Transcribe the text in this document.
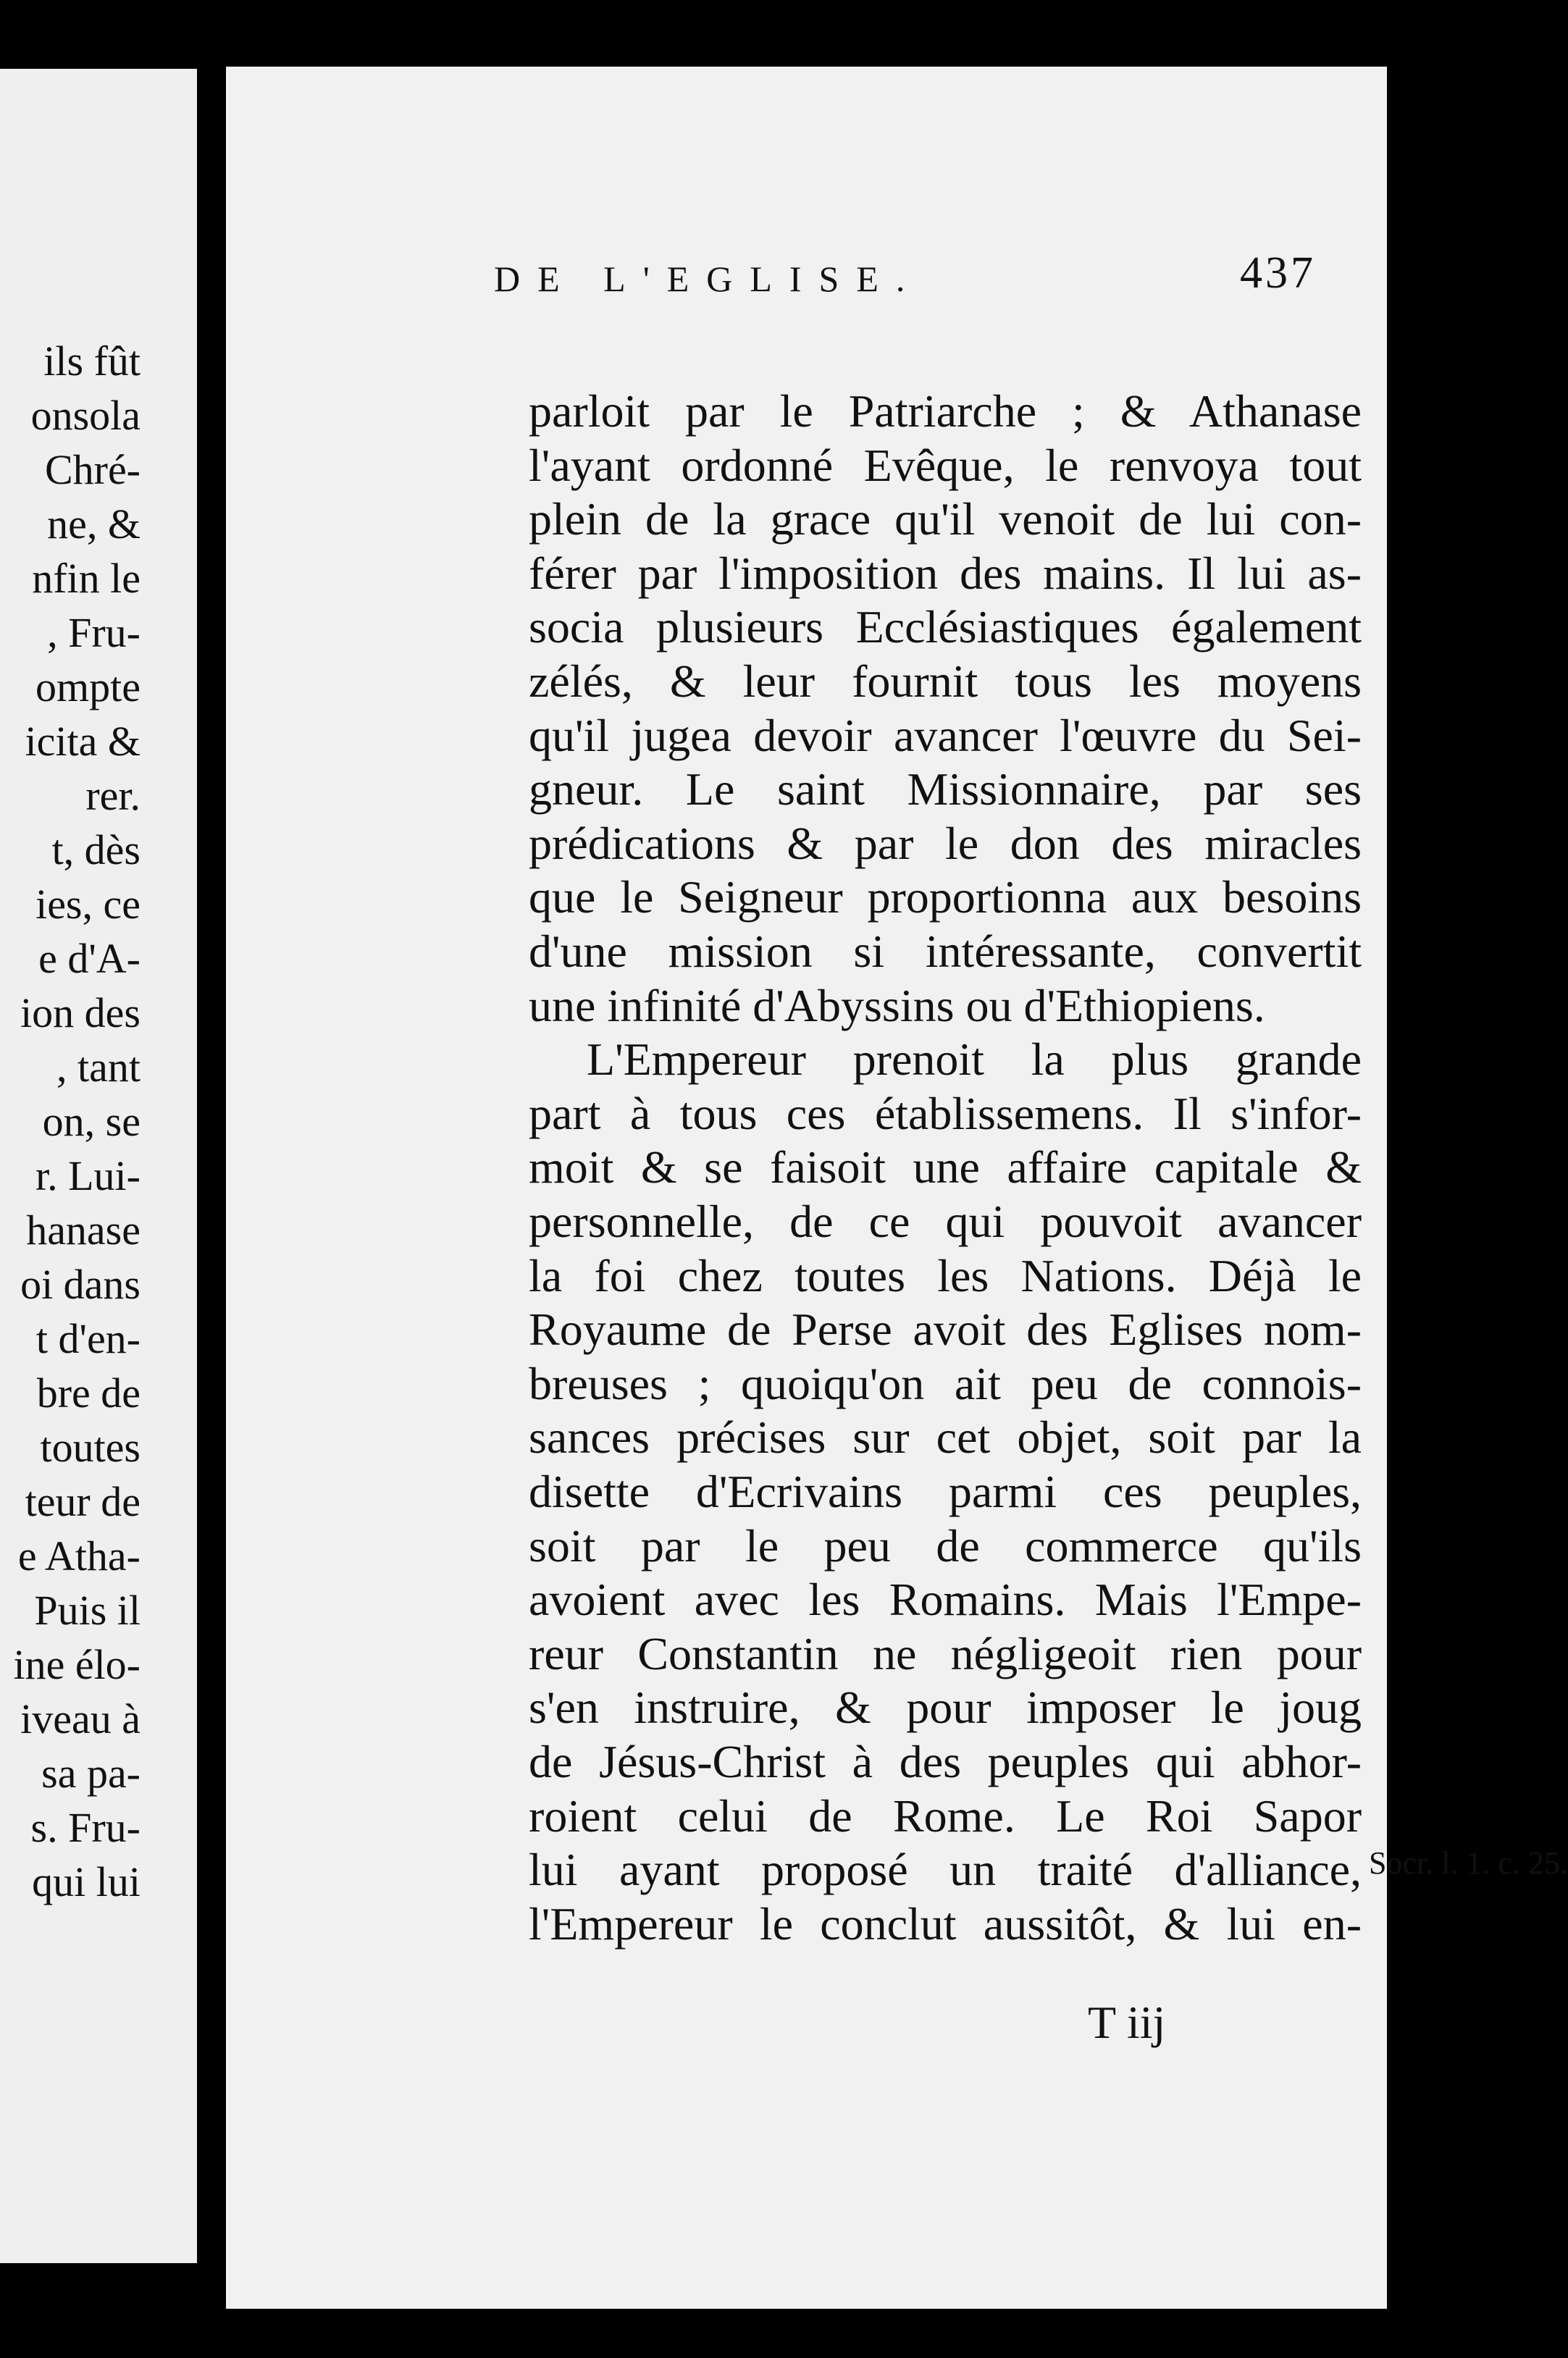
ils fût
onsola
Chré-
ne, &
nfin le
, Fru-
ompte
icita &
rer.
t, dès
ies, ce
e d'A-
ion des
, tant
on, se
r. Lui-
hanase
oi dans
t d'en-
bre de
toutes
teur de
e Atha-
Puis il
ine élo-
iveau à
sa pa-
s. Fru-
qui lui
DE L'EGLISE.	437
parloit par le Patriarche ; & Athanase
l'ayant ordonné Evêque, le renvoya tout
plein de la grace qu'il venoit de lui con-
férer par l'imposition des mains. Il lui as-
socia plusieurs Ecclésiastiques également
zélés, & leur fournit tous les moyens
qu'il jugea devoir avancer l'œuvre du Sei-
gneur. Le saint Missionnaire, par ses
prédications & par le don des miracles
que le Seigneur proportionna aux besoins
d'une mission si intéressante, convertit
une infinité d'Abyssins ou d'Ethiopiens.
L'Empereur prenoit la plus grande
part à tous ces établissemens. Il s'infor-
moit & se faisoit une affaire capitale &
personnelle, de ce qui pouvoit avancer
la foi chez toutes les Nations. Déjà le
Royaume de Perse avoit des Eglises nom-
breuses ; quoiqu'on ait peu de connois-
sances précises sur cet objet, soit par la
disette d'Ecrivains parmi ces peuples,
soit par le peu de commerce qu'ils
avoient avec les Romains. Mais l'Empe-
reur Constantin ne négligeoit rien pour
s'en instruire, & pour imposer le joug
de Jésus-Christ à des peuples qui abhor-
roient celui de Rome. Le Roi Sapor
lui ayant proposé un traité d'alliance,
l'Empereur le conclut aussitôt, & lui en-
Socr. l. 1. c. 25.
T iij
